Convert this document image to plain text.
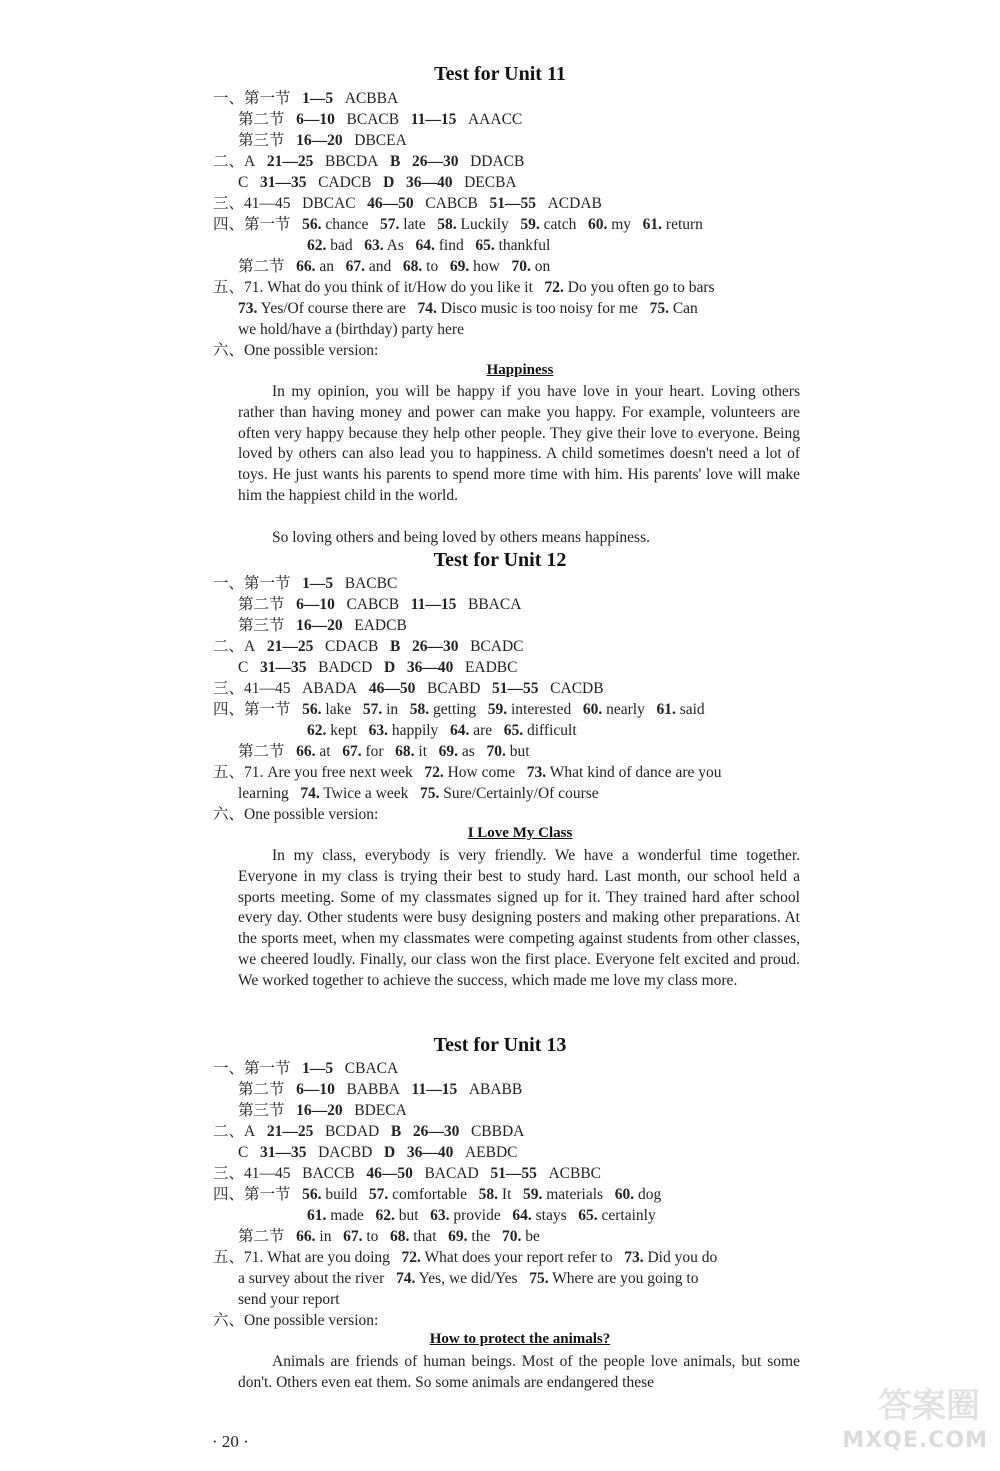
Test for Unit 11
一、第一节   1—5   ACBBA
第二节   6—10   BCACB   11—15   AAACC
第三节   16—20   DBCEA
二、A   21—25   BBCDA   B 26—30   DDACB
C   31—35   CADCB   D 36—40   DECBA
三、41—45   DBCAC   46—50   CABCB   51—55   ACDAB
四、第一节   56. chance   57. late   58. Luckily   59. catch   60. my   61. return
62. bad   63. As   64. find   65. thankful
第二节   66. an   67. and   68. to   69. how   70. on
五、71. What do you think of it/How do you like it   72. Do you often go to bars
73. Yes/Of course there are   74. Disco music is too noisy for me   75. Can
we hold/have a (birthday) party here
六、One possible version:
Happiness
In my opinion, you will be happy if you have love in your heart. Loving others rather than having money and power can make you happy. For example, volunteers are often very happy because they help other people. They give their love to everyone. Being loved by others can also lead you to happiness. A child sometimes doesn't need a lot of toys. He just wants his parents to spend more time with him. His parents' love will make him the happiest child in the world.
So loving others and being loved by others means happiness.
Test for Unit 12
一、第一节   1—5   BACBC
第二节   6—10   CABCB   11—15   BBACA
第三节   16—20   EADCB
二、A   21—25   CDACB   B 26—30   BCADC
C   31—35   BADCD   D 36—40   EADBC
三、41—45   ABADA   46—50   BCABD   51—55   CACDB
四、第一节   56. lake   57. in   58. getting   59. interested   60. nearly   61. said
62. kept   63. happily   64. are   65. difficult
第二节   66. at   67. for   68. it   69. as   70. but
五、71. Are you free next week   72. How come   73. What kind of dance are you
learning   74. Twice a week   75. Sure/Certainly/Of course
六、One possible version:
I Love My Class
In my class, everybody is very friendly. We have a wonderful time together. Everyone in my class is trying their best to study hard. Last month, our school held a sports meeting. Some of my classmates signed up for it. They trained hard after school every day. Other students were busy designing posters and making other preparations. At the sports meet, when my classmates were competing against students from other classes, we cheered loudly. Finally, our class won the first place. Everyone felt excited and proud. We worked together to achieve the success, which made me love my class more.
Test for Unit 13
一、第一节   1—5   CBACA
第二节   6—10   BABBA   11—15   ABABB
第三节   16—20   BDECA
二、A   21—25   BCDAD   B 26—30   CBBDA
C   31—35   DACBD   D 36—40   AEBDC
三、41—45   BACCB   46—50   BACAD   51—55   ACBBC
四、第一节   56. build   57. comfortable   58. It   59. materials   60. dog
61. made   62. but   63. provide   64. stays   65. certainly
第二节   66. in   67. to   68. that   69. the   70. be
五、71. What are you doing   72. What does your report refer to   73. Did you do
a survey about the river   74. Yes, we did/Yes   75. Where are you going to
send your report
六、One possible version:
How to protect the animals?
Animals are friends of human beings. Most of the people love animals, but some don't. Others even eat them. So some animals are endangered these
· 20 ·
答案圈
MXQE.COM
